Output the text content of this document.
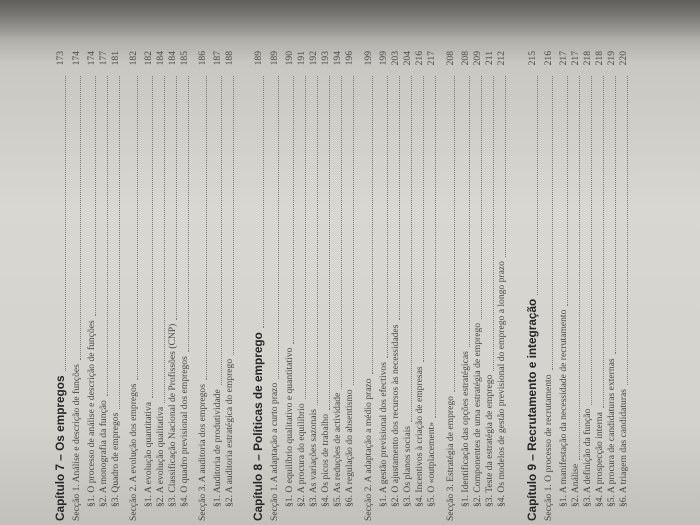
Capítulo 7 – Os empregos
173
Secção 1. Análise e descrição de funções
174
§1. O processo de análise e descrição de funções
174
§2. A monografia da função
177
§3. Quadro de empregos
181
Secção 2. A evolução dos empregos
182
§1. A evolução quantitativa
182
§2. A evolução qualitativa
184
§3. Classificação Nacional de Profissões (CNP)
184
§4. O quadro previsional dos empregos
185
Secção 3. A auditoria dos empregos
186
§1. Auditoria de produtividade
187
§2. A auditoria estratégica do emprego
188
Capítulo 8 – Políticas de emprego
189
Secção 1. A adaptação a curto prazo
189
§1. O equilíbrio qualitativo e quantitativo
190
§2. A procura do equilíbrio
191
§3. As variações sazonais
192
§4. Os picos de trabalho
193
§5. As reduções de actividade
194
§6. A regulação do absentismo
196
Secção 2. A adaptação a médio prazo
199
§1. A gestão previsional dos efectivos
199
§2. O ajustamento dos recursos às necessidades
203
§3. Os planos sociais
204
§4. Incentivos à criação de empresas
216
§5. O «outplacement»
217
Secção 3. Estratégia de emprego
208
§1. Identificação das opções estratégicas
208
§2. Componentes de uma estratégia de emprego
209
§3. Teste da estratégia de emprego
211
§4. Os modelos de gestão previsional do emprego a longo prazo
212
Capítulo 9 – Recrutamento e integração
215
Secção 1. O processo de recrutamento
216
§1. A manifestação da necessidade de recrutamento
217
§2. Análise
217
§3. A definição da função
218
§4. A prospecção interna
218
§5. A procura de candidaturas externas
219
§6. A triagem das candidaturas
220
